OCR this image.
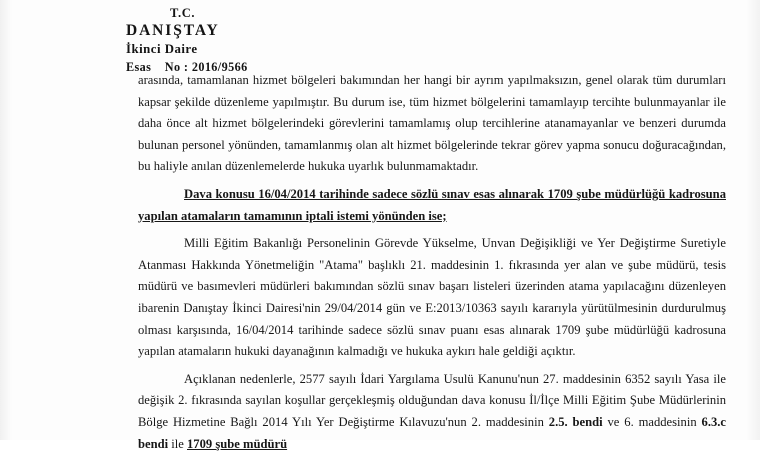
T.C.
DANIŞTAY
İkinci Daire
Esas No : 2016/9566

arasında, tamamlanan hizmet bölgeleri bakımından her hangi bir ayrım yapılmaksızın, genel olarak tüm durumları kapsar şekilde düzenleme yapılmıştır. Bu durum ise, tüm hizmet bölgelerini tamamlayıp tercihte bulunmayanlar ile daha önce alt hizmet bölgelerindeki görevlerini tamamlamış olup tercihlerine atanamayanlar ve benzeri durumda bulunan personel yönünden, tamamlanmış olan alt hizmet bölgelerinde tekrar görev yapma sonucu doğuracağından, bu haliyle anılan düzenlemelerde hukuka uyarlık bulunmamaktadır.

Dava konusu 16/04/2014 tarihinde sadece sözlü sınav esas alınarak 1709 şube müdürlüğü kadrosuna yapılan atamaların tamamının iptali istemi yönünden ise;

Milli Eğitim Bakanlığı Personelinin Görevde Yükselme, Unvan Değişikliği ve Yer Değiştirme Suretiyle Atanması Hakkında Yönetmeliğin "Atama" başlıklı 21. maddesinin 1. fıkrasında yer alan ve şube müdürü, tesis müdürü ve basımevleri müdürleri bakımından sözlü sınav başarı listeleri üzerinden atama yapılacağını düzenleyen ibarenin Danıştay İkinci Dairesi'nin 29/04/2014 gün ve E:2013/10363 sayılı kararıyla yürütülmesinin durdurulmuş olması karşısında, 16/04/2014 tarihinde sadece sözlü sınav puanı esas alınarak 1709 şube müdürlüğü kadrosuna yapılan atamaların hukuki dayanağının kalmadığı ve hukuka aykırı hale geldiği açıktır.

Açıklanan nedenlerle, 2577 sayılı İdari Yargılama Usulü Kanunu'nun 27. maddesinin 6352 sayılı Yasa ile değişik 2. fıkrasında sayılan koşullar gerçekleşmiş olduğundan dava konusu İl/İlçe Milli Eğitim Şube Müdürlerinin Bölge Hizmetine Bağlı 2014 Yılı Yer Değiştirme Kılavuzu'nun 2. maddesinin 2.5. bendi ve 6. maddesinin 6.3.c bendi ile 1709 şube müdürü
